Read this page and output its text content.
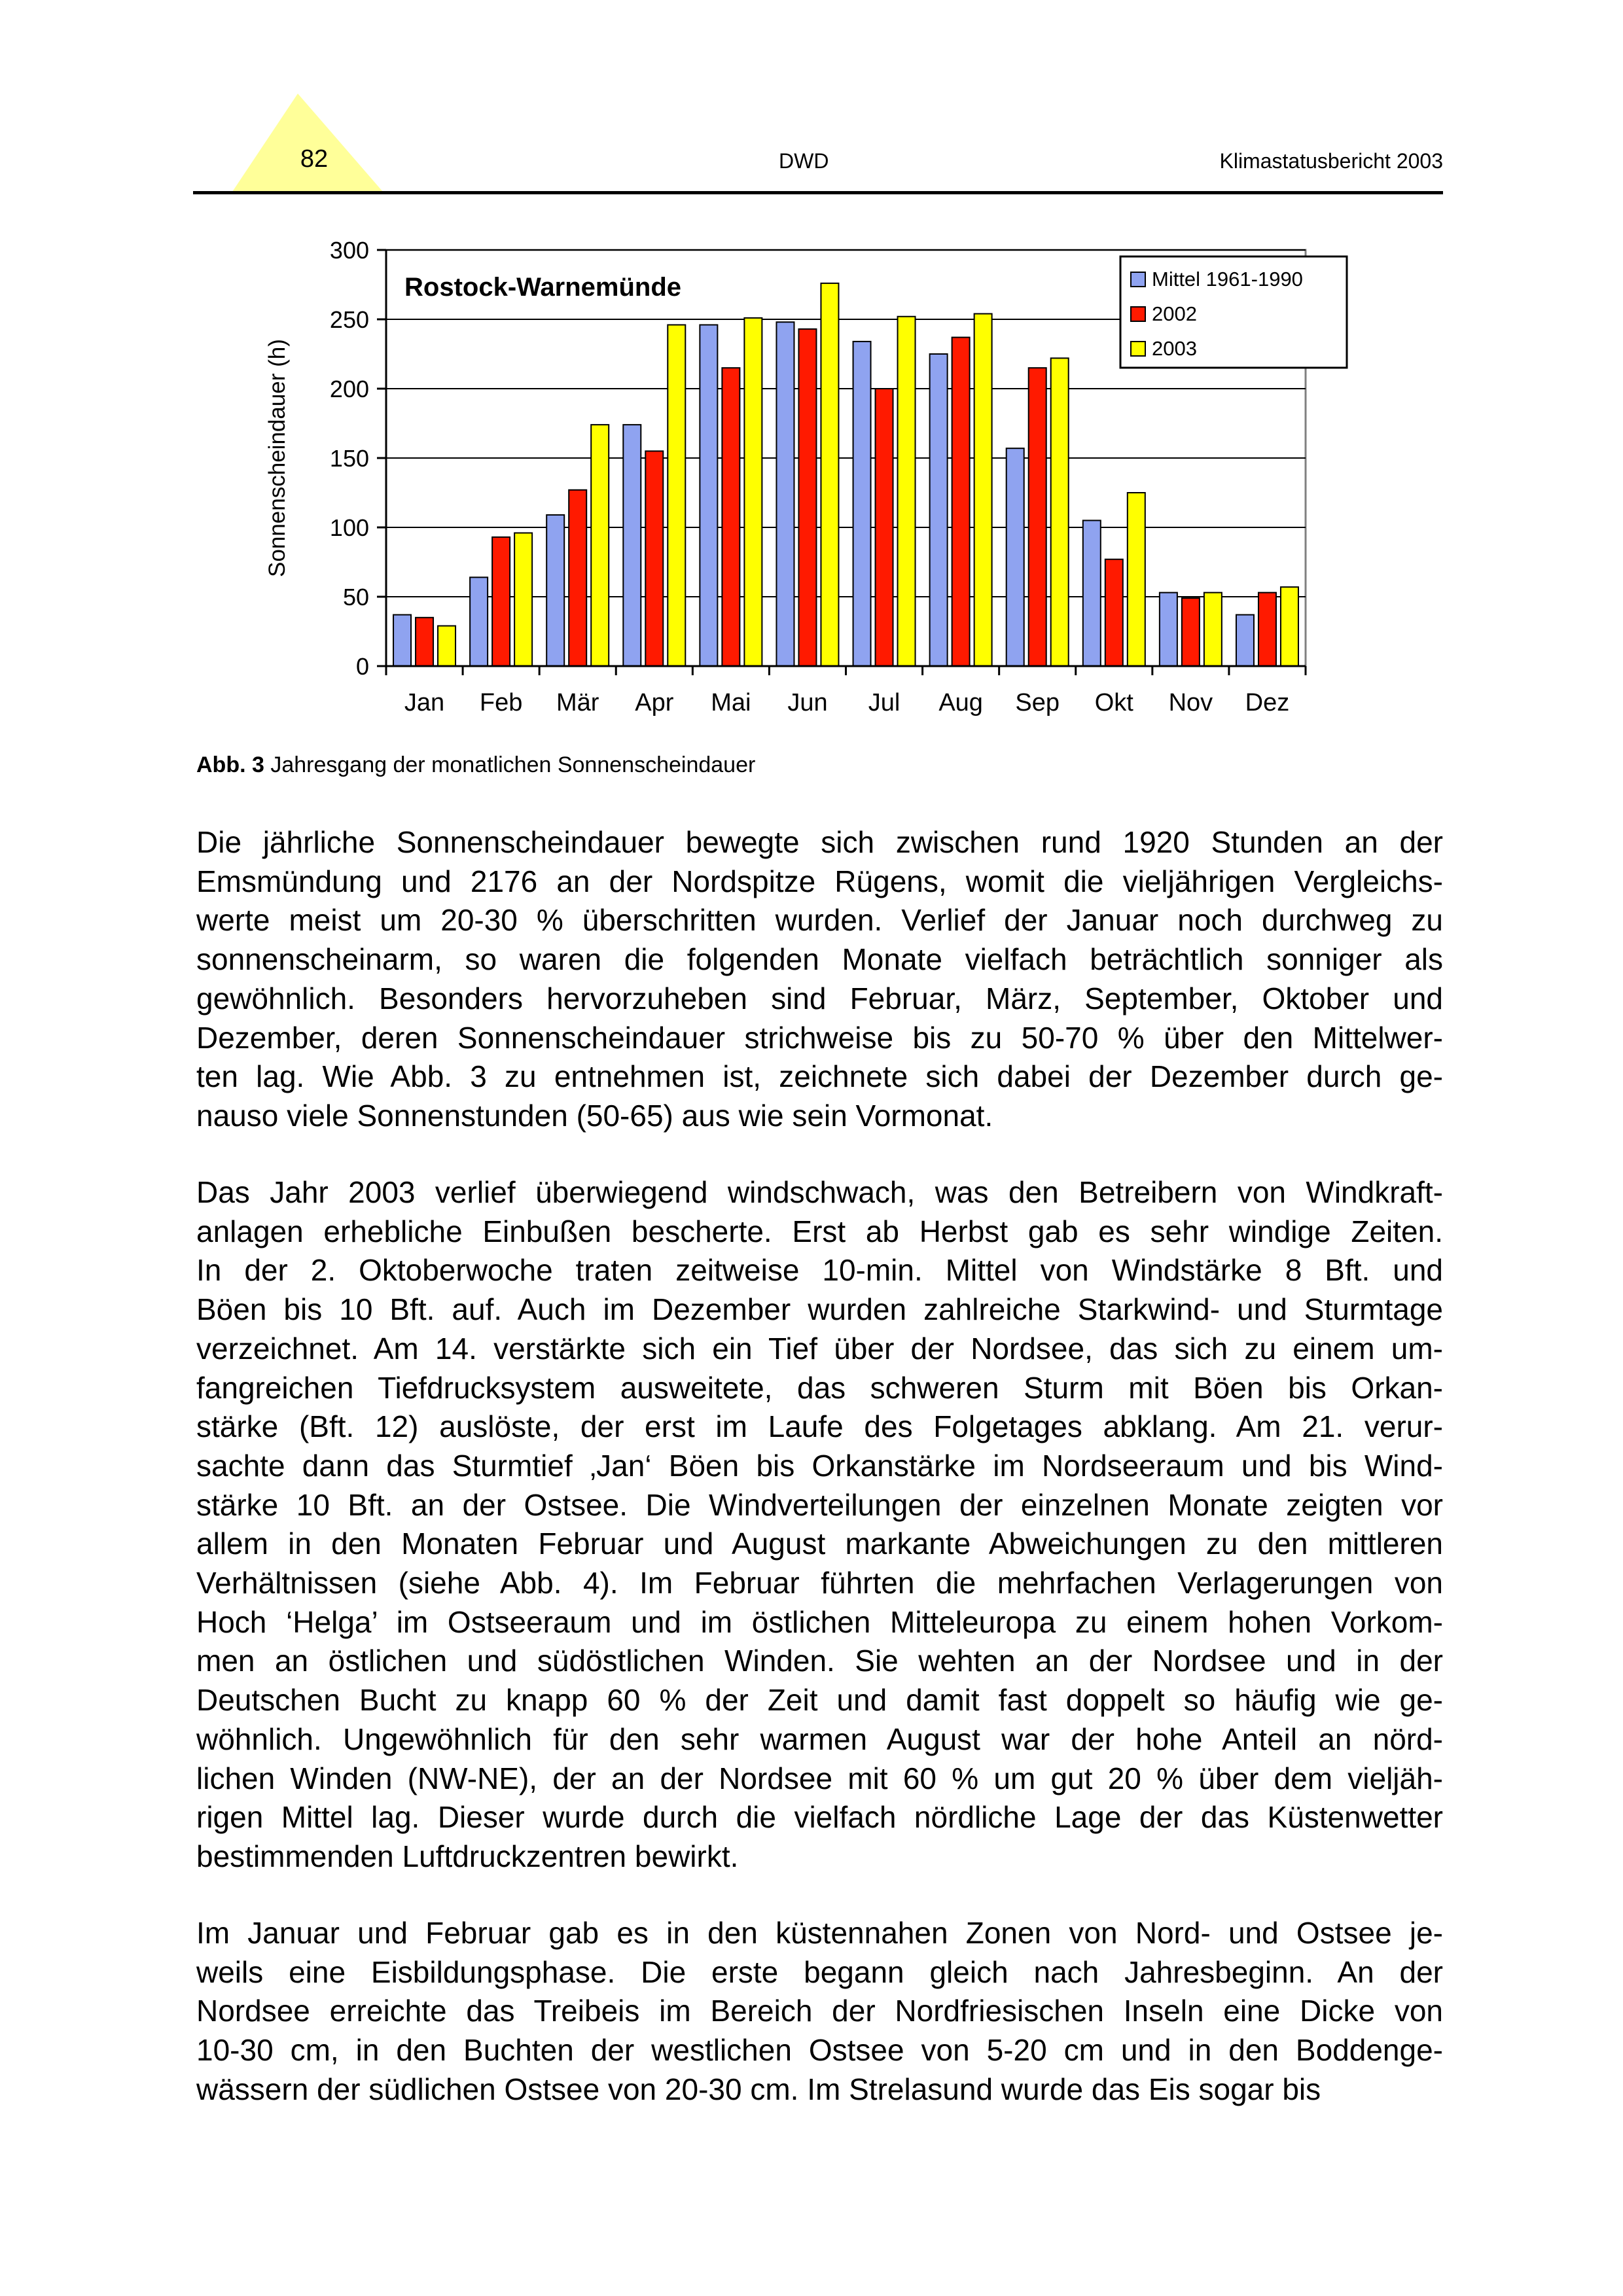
82	DWD	Klimastatusbericht 2003
0
50
100
150
200
250
300
Jan Feb Mär Apr Mai Jun Jul Aug Sep Okt Nov Dez
Rostock-Warnemünde
Sonnenscheindauer (h)
Mittel 1961-1990
2002
2003
Abb. 3 Jahresgang der monatlichen Sonnenscheindauer
Die jährliche Sonnenscheindauer bewegte sich zwischen rund 1920 Stunden an der
Emsmündung und 2176 an der Nordspitze Rügens, womit die vieljährigen Vergleichs-
werte meist um 20-30 % überschritten wurden. Verlief der Januar noch durchweg zu
sonnenscheinarm, so waren die folgenden Monate vielfach beträchtlich sonniger als
gewöhnlich. Besonders hervorzuheben sind Februar, März, September, Oktober und
Dezember, deren Sonnenscheindauer strichweise bis zu 50-70 % über den Mittelwer-
ten lag. Wie Abb. 3 zu entnehmen ist, zeichnete sich dabei der Dezember durch ge-
nauso viele Sonnenstunden (50-65) aus wie sein Vormonat.
Das Jahr 2003 verlief überwiegend windschwach, was den Betreibern von Windkraft-
anlagen erhebliche Einbußen bescherte. Erst ab Herbst gab es sehr windige Zeiten.
In der 2. Oktoberwoche traten zeitweise 10-min. Mittel von Windstärke 8 Bft. und
Böen bis 10 Bft. auf. Auch im Dezember wurden zahlreiche Starkwind- und Sturmtage
verzeichnet. Am 14. verstärkte sich ein Tief über der Nordsee, das sich zu einem um-
fangreichen Tiefdrucksystem ausweitete, das schweren Sturm mit Böen bis Orkan-
stärke (Bft. 12) auslöste, der erst im Laufe des Folgetages abklang. Am 21. verur-
sachte dann das Sturmtief ‚Jan‘ Böen bis Orkanstärke im Nordseeraum und bis Wind-
stärke 10 Bft. an der Ostsee. Die Windverteilungen der einzelnen Monate zeigten vor
allem in den Monaten Februar und August markante Abweichungen zu den mittleren
Verhältnissen (siehe Abb. 4). Im Februar führten die mehrfachen Verlagerungen von
Hoch ‘Helga’ im Ostseeraum und im östlichen Mitteleuropa zu einem hohen Vorkom-
men an östlichen und südöstlichen Winden. Sie wehten an der Nordsee und in der
Deutschen Bucht zu knapp 60 % der Zeit und damit fast doppelt so häufig wie ge-
wöhnlich. Ungewöhnlich für den sehr warmen August war der hohe Anteil an nörd-
lichen Winden (NW-NE), der an der Nordsee mit 60 % um gut 20 % über dem vieljäh-
rigen Mittel lag. Dieser wurde durch die vielfach nördliche Lage der das Küstenwetter
bestimmenden Luftdruckzentren bewirkt.
Im Januar und Februar gab es in den küstennahen Zonen von Nord- und Ostsee je-
weils eine Eisbildungsphase. Die erste begann gleich nach Jahresbeginn. An der
Nordsee erreichte das Treibeis im Bereich der Nordfriesischen Inseln eine Dicke von
10-30 cm, in den Buchten der westlichen Ostsee von 5-20 cm und in den Boddenge-
wässern der südlichen Ostsee von 20-30 cm. Im Strelasund wurde das Eis sogar bis
